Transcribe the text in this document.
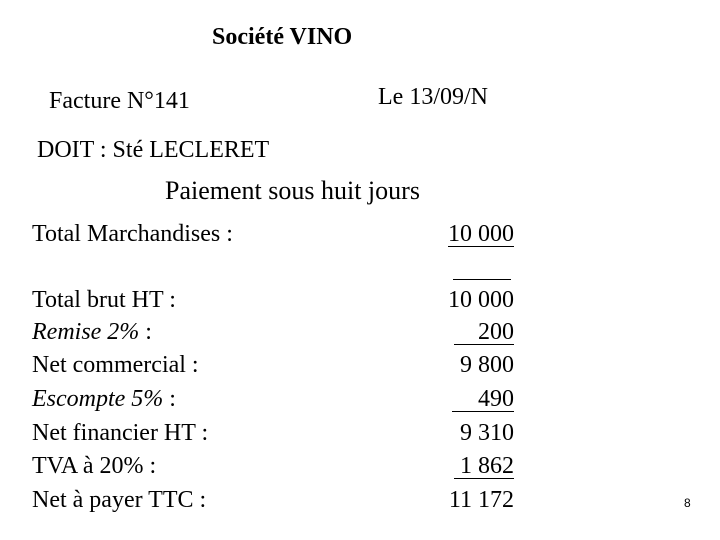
Société VINO
Facture N°141	Le 13/09/N
DOIT : Sté LECLERET
Paiement sous huit jours
Total Marchandises :	10 000
Total brut HT :	10 000
Remise 2% :	200
Net commercial :	9 800
Escompte 5% :	490
Net financier HT :	9 310
TVA à 20% :	1 862
Net à payer TTC :	11 172	8
